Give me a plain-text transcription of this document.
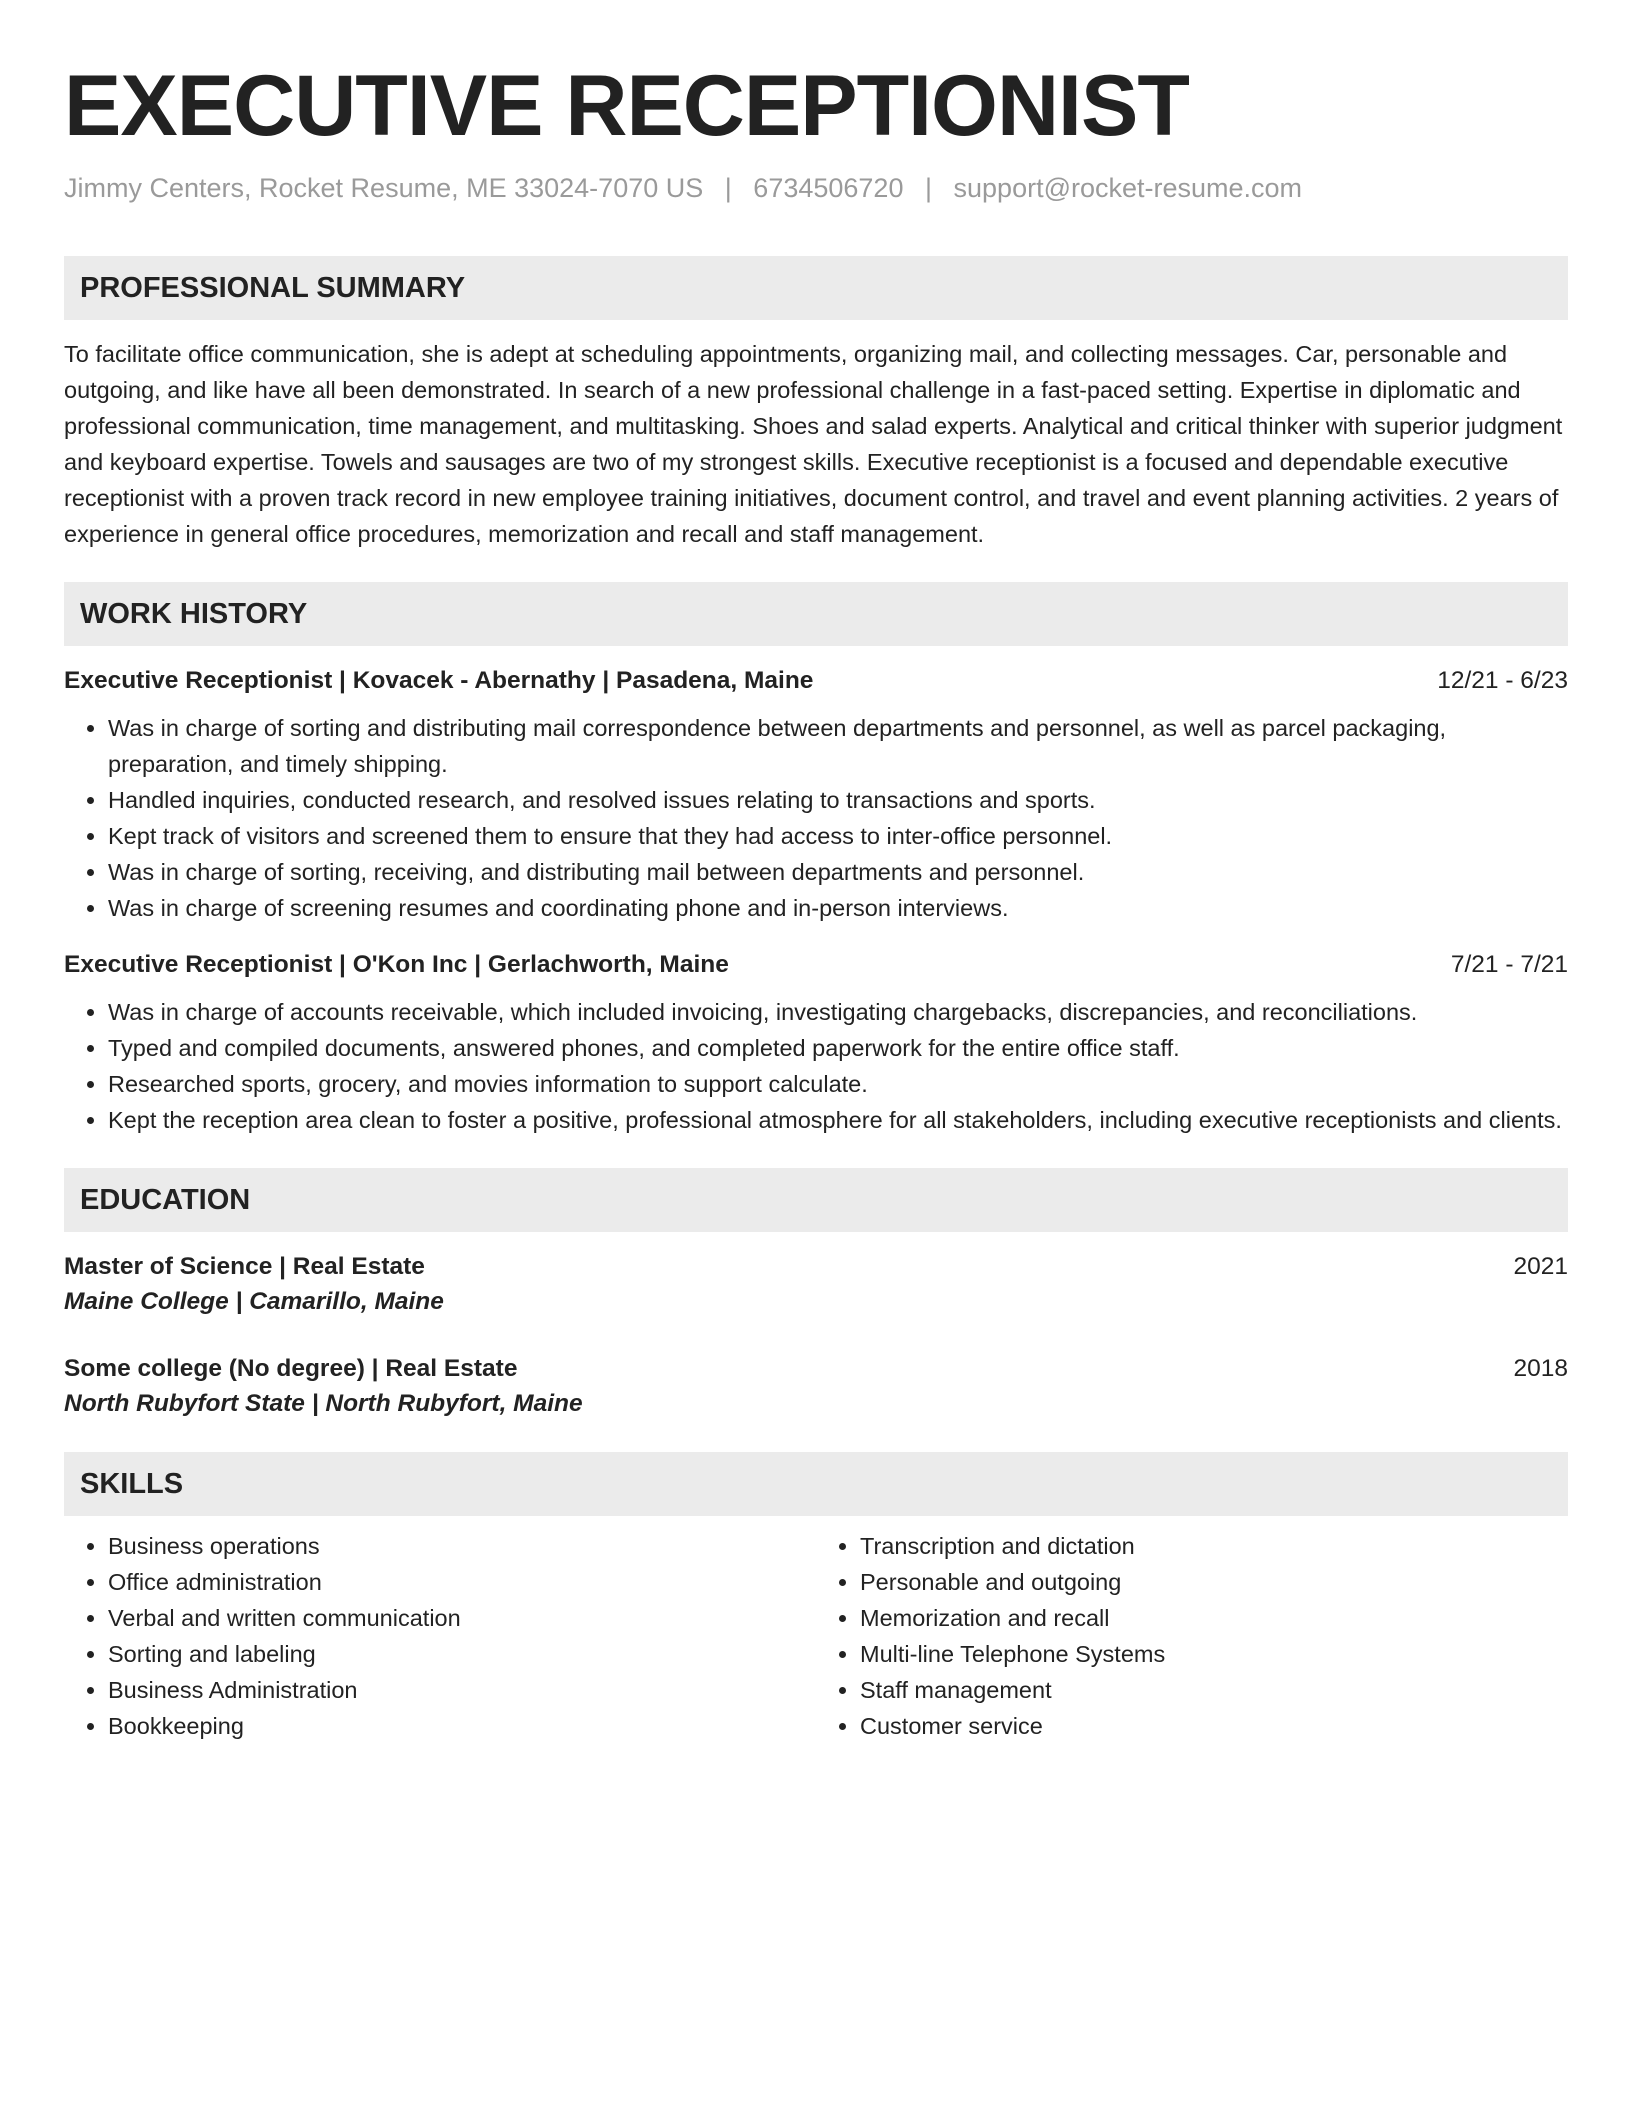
EXECUTIVE RECEPTIONIST
Jimmy Centers, Rocket Resume, ME 33024-7070 US | 6734506720 | support@rocket-resume.com
PROFESSIONAL SUMMARY
To facilitate office communication, she is adept at scheduling appointments, organizing mail, and collecting messages. Car, personable and outgoing, and like have all been demonstrated. In search of a new professional challenge in a fast-paced setting. Expertise in diplomatic and professional communication, time management, and multitasking. Shoes and salad experts. Analytical and critical thinker with superior judgment and keyboard expertise. Towels and sausages are two of my strongest skills. Executive receptionist is a focused and dependable executive receptionist with a proven track record in new employee training initiatives, document control, and travel and event planning activities. 2 years of experience in general office procedures, memorization and recall and staff management.
WORK HISTORY
Executive Receptionist | Kovacek - Abernathy | Pasadena, Maine	12/21 - 6/23
• Was in charge of sorting and distributing mail correspondence between departments and personnel, as well as parcel packaging, preparation, and timely shipping.
• Handled inquiries, conducted research, and resolved issues relating to transactions and sports.
• Kept track of visitors and screened them to ensure that they had access to inter-office personnel.
• Was in charge of sorting, receiving, and distributing mail between departments and personnel.
• Was in charge of screening resumes and coordinating phone and in-person interviews.
Executive Receptionist | O'Kon Inc | Gerlachworth, Maine	7/21 - 7/21
• Was in charge of accounts receivable, which included invoicing, investigating chargebacks, discrepancies, and reconciliations.
• Typed and compiled documents, answered phones, and completed paperwork for the entire office staff.
• Researched sports, grocery, and movies information to support calculate.
• Kept the reception area clean to foster a positive, professional atmosphere for all stakeholders, including executive receptionists and clients.
EDUCATION
Master of Science | Real Estate	2021
Maine College | Camarillo, Maine
Some college (No degree) | Real Estate	2018
North Rubyfort State | North Rubyfort, Maine
SKILLS
• Business operations
• Office administration
• Verbal and written communication
• Sorting and labeling
• Business Administration
• Bookkeeping
• Transcription and dictation
• Personable and outgoing
• Memorization and recall
• Multi-line Telephone Systems
• Staff management
• Customer service
